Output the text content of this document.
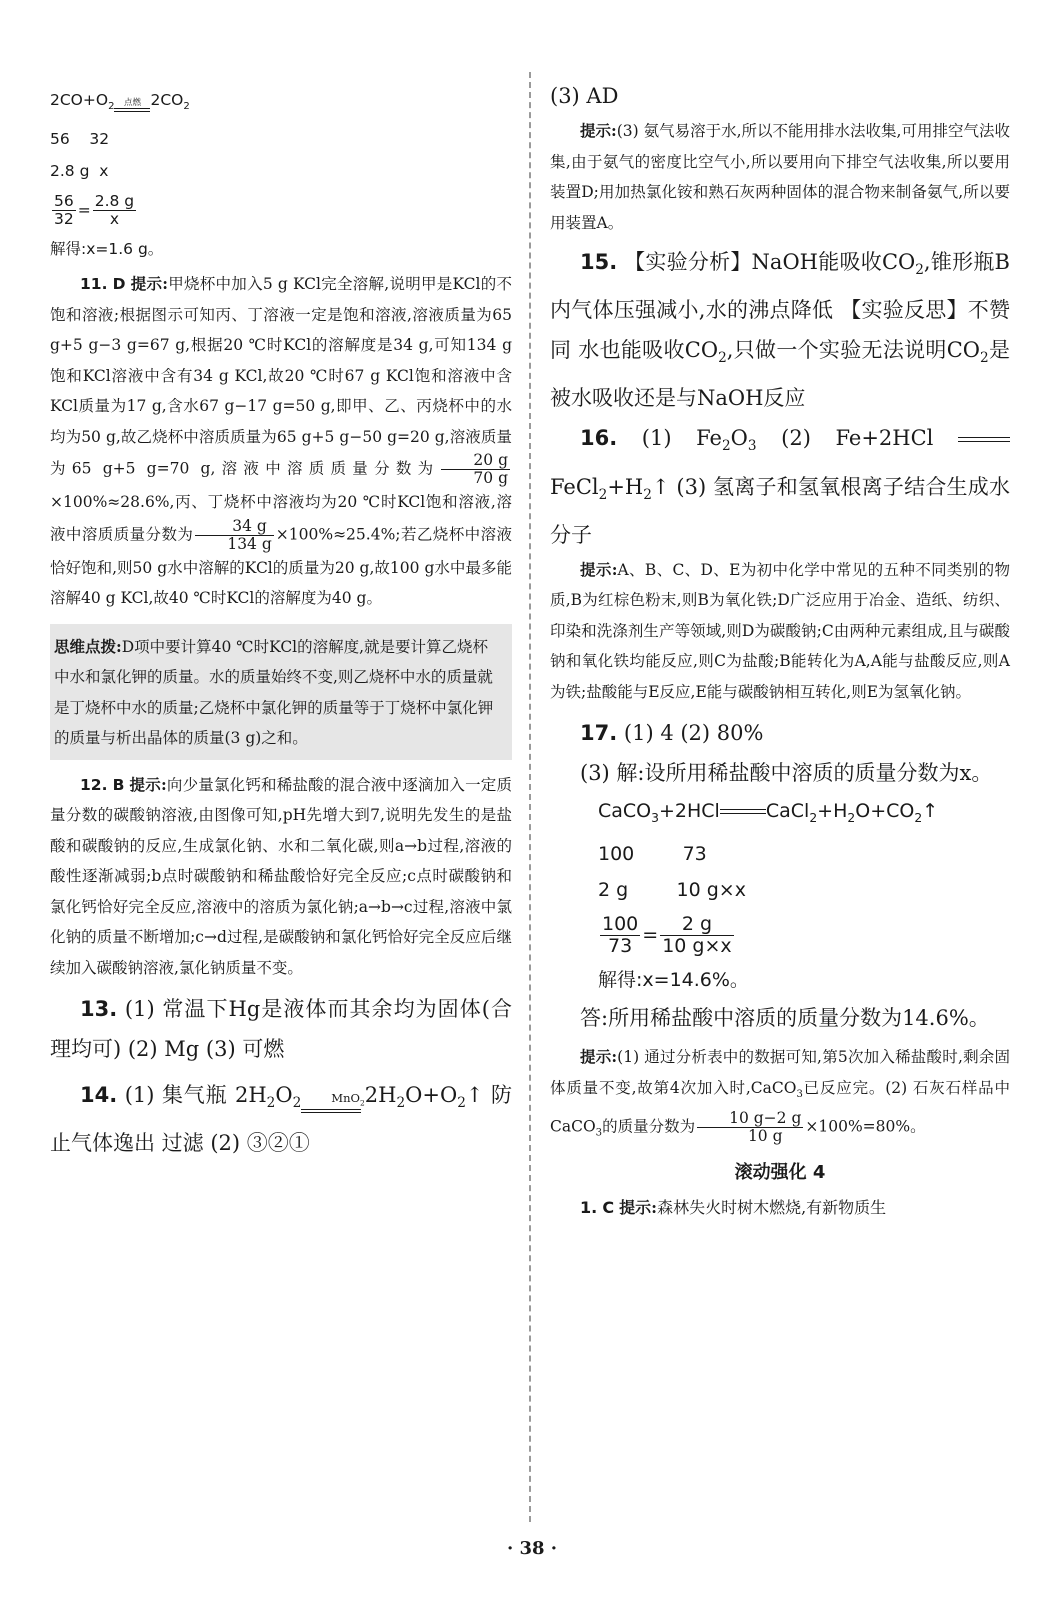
$2CO+O_2$	点燃 $2CO_2$

56    32

2.8 g  x

$\frac{56}{32} = \frac{2.8 g}{x}$

解得:x=1.6 g。

11. D 提示:甲烧杯中加入5 g KCl完全溶解,说明甲是KCl的不饱和溶液;根据图示可知丙、丁溶液一定是饱和溶液,溶液质量为65 g+5 g−3 g=67 g,根据20 ℃时KCl的溶解度是34 g,可知134 g饱和KCl溶液中含有34 g KCl,故20 ℃时67 g KCl饱和溶液中含KCl质量为17 g,含水67 g−17 g=50 g,即甲、乙、丙烧杯中的水均为50 g,故乙烧杯中溶质质量为65 g+5 g−50 g=20 g,溶液质量为65 g+5 g=70 g,溶液中溶质质量分数为 $\frac{20 g}{70 g}$
×100%≈28.6%,丙、丁烧杯中溶液均为20 ℃时KCl饱和溶液,溶液中溶质质量分数为 $\frac{34 g}{134 g} \times 100\%\approx 25.4\%$;若乙烧杯中溶液恰好饱和,则50 g水中溶解的KCl的质量为20 g,故100 g水中最多能溶解40 g KCl,故40 ℃时KCl的溶解度为40 g。

思维点拨:D项中要计算40 ℃时KCl的溶解度,就是要计算乙烧杯中水和氯化钾的质量。水的质量始终不变,则乙烧杯中水的质量就是丁烧杯中水的质量;乙烧杯中氯化钾的质量等于丁烧杯中氯化钾的质量与析出晶体的质量(3 g)之和。

12. B 提示:向少量氯化钙和稀盐酸的混合液中逐滴加入一定质量分数的碳酸钠溶液,由图像可知,pH先增大到7,说明先发生的是盐酸和碳酸钠的反应,生成氯化钠、水和二氧化碳,则a→b过程,溶液的酸性逐渐减弱;b点时碳酸钠和稀盐酸恰好完全反应;c点时碳酸钠和氯化钙恰好完全反应,溶液中的溶质为氯化钠;a→b→c过程,溶液中氯化钠的质量不断增加;c→d过程,是碳酸钠和氯化钙恰好完全反应后继续加入碳酸钠溶液,氯化钠质量不变。

13. (1) 常温下Hg是液体而其余均为固体(合理均可) (2) Mg (3) 可燃

14. (1) 集气瓶 $2H_2O_2$	MnO$_2$ $2H_2O+O_2↑$ 防止气体逸出 过滤 (2) ③②①

(3) AD

提示:(3) 氨气易溶于水,所以不能用排水法收集,可用排空气法收集,由于氨气的密度比空气小,所以要用向下排空气法收集,所以要用装置D;用加热氯化铵和熟石灰两种固体的混合物来制备氨气,所以要用装置A。

15. 【实验分析】NaOH能吸收$CO_2$,锥形瓶B内气体压强减小,水的沸点降低 【实验反思】不赞同 水也能吸收$CO_2$,只做一个实验无法说明$CO_2$是被水吸收还是与NaOH反应

16. (1) $Fe_2O_3$ (2) Fe+2HCl  $FeCl_2+H_2↑$ (3) 氢离子和氢氧根离子结合生成水分子

提示:A、B、C、D、E为初中化学中常见的五种不同类别的物质,B为红棕色粉末,则B为氧化铁;D广泛应用于冶金、造纸、纺织、印染和洗涤剂生产等领域,则D为碳酸钠;C由两种元素组成,且与碳酸钠和氧化铁均能反应,则C为盐酸;B能转化为A,A能与盐酸反应,则A为铁;盐酸能与E反应,E能与碳酸钠相互转化,则E为氢氧化钠。

17. (1) 4 (2) 80%

(3) 解:设所用稀盐酸中溶质的质量分数为x。

CaCO$_3$+2HCl $CaCl_2+H_2O+CO_2↑$

100        73

2 g        10 g×x

$\frac{100}{73} = \frac{2 g}{10 g\times x}$

解得:x=14.6%。

答:所用稀盐酸中溶质的质量分数为14.6%。

提示:(1) 通过分析表中的数据可知,第5次加入稀盐酸时,剩余固体质量不变,故第4次加入时,CaCO$_3$已反应完。(2) 石灰石样品中CaCO$_3$的质量分数为 $\frac{10 g-2 g}{10 g} \times 100\%=80\%$。

滚动强化 4

1. C 提示:森林失火时树木燃烧,有新物质生

· 38 ·
